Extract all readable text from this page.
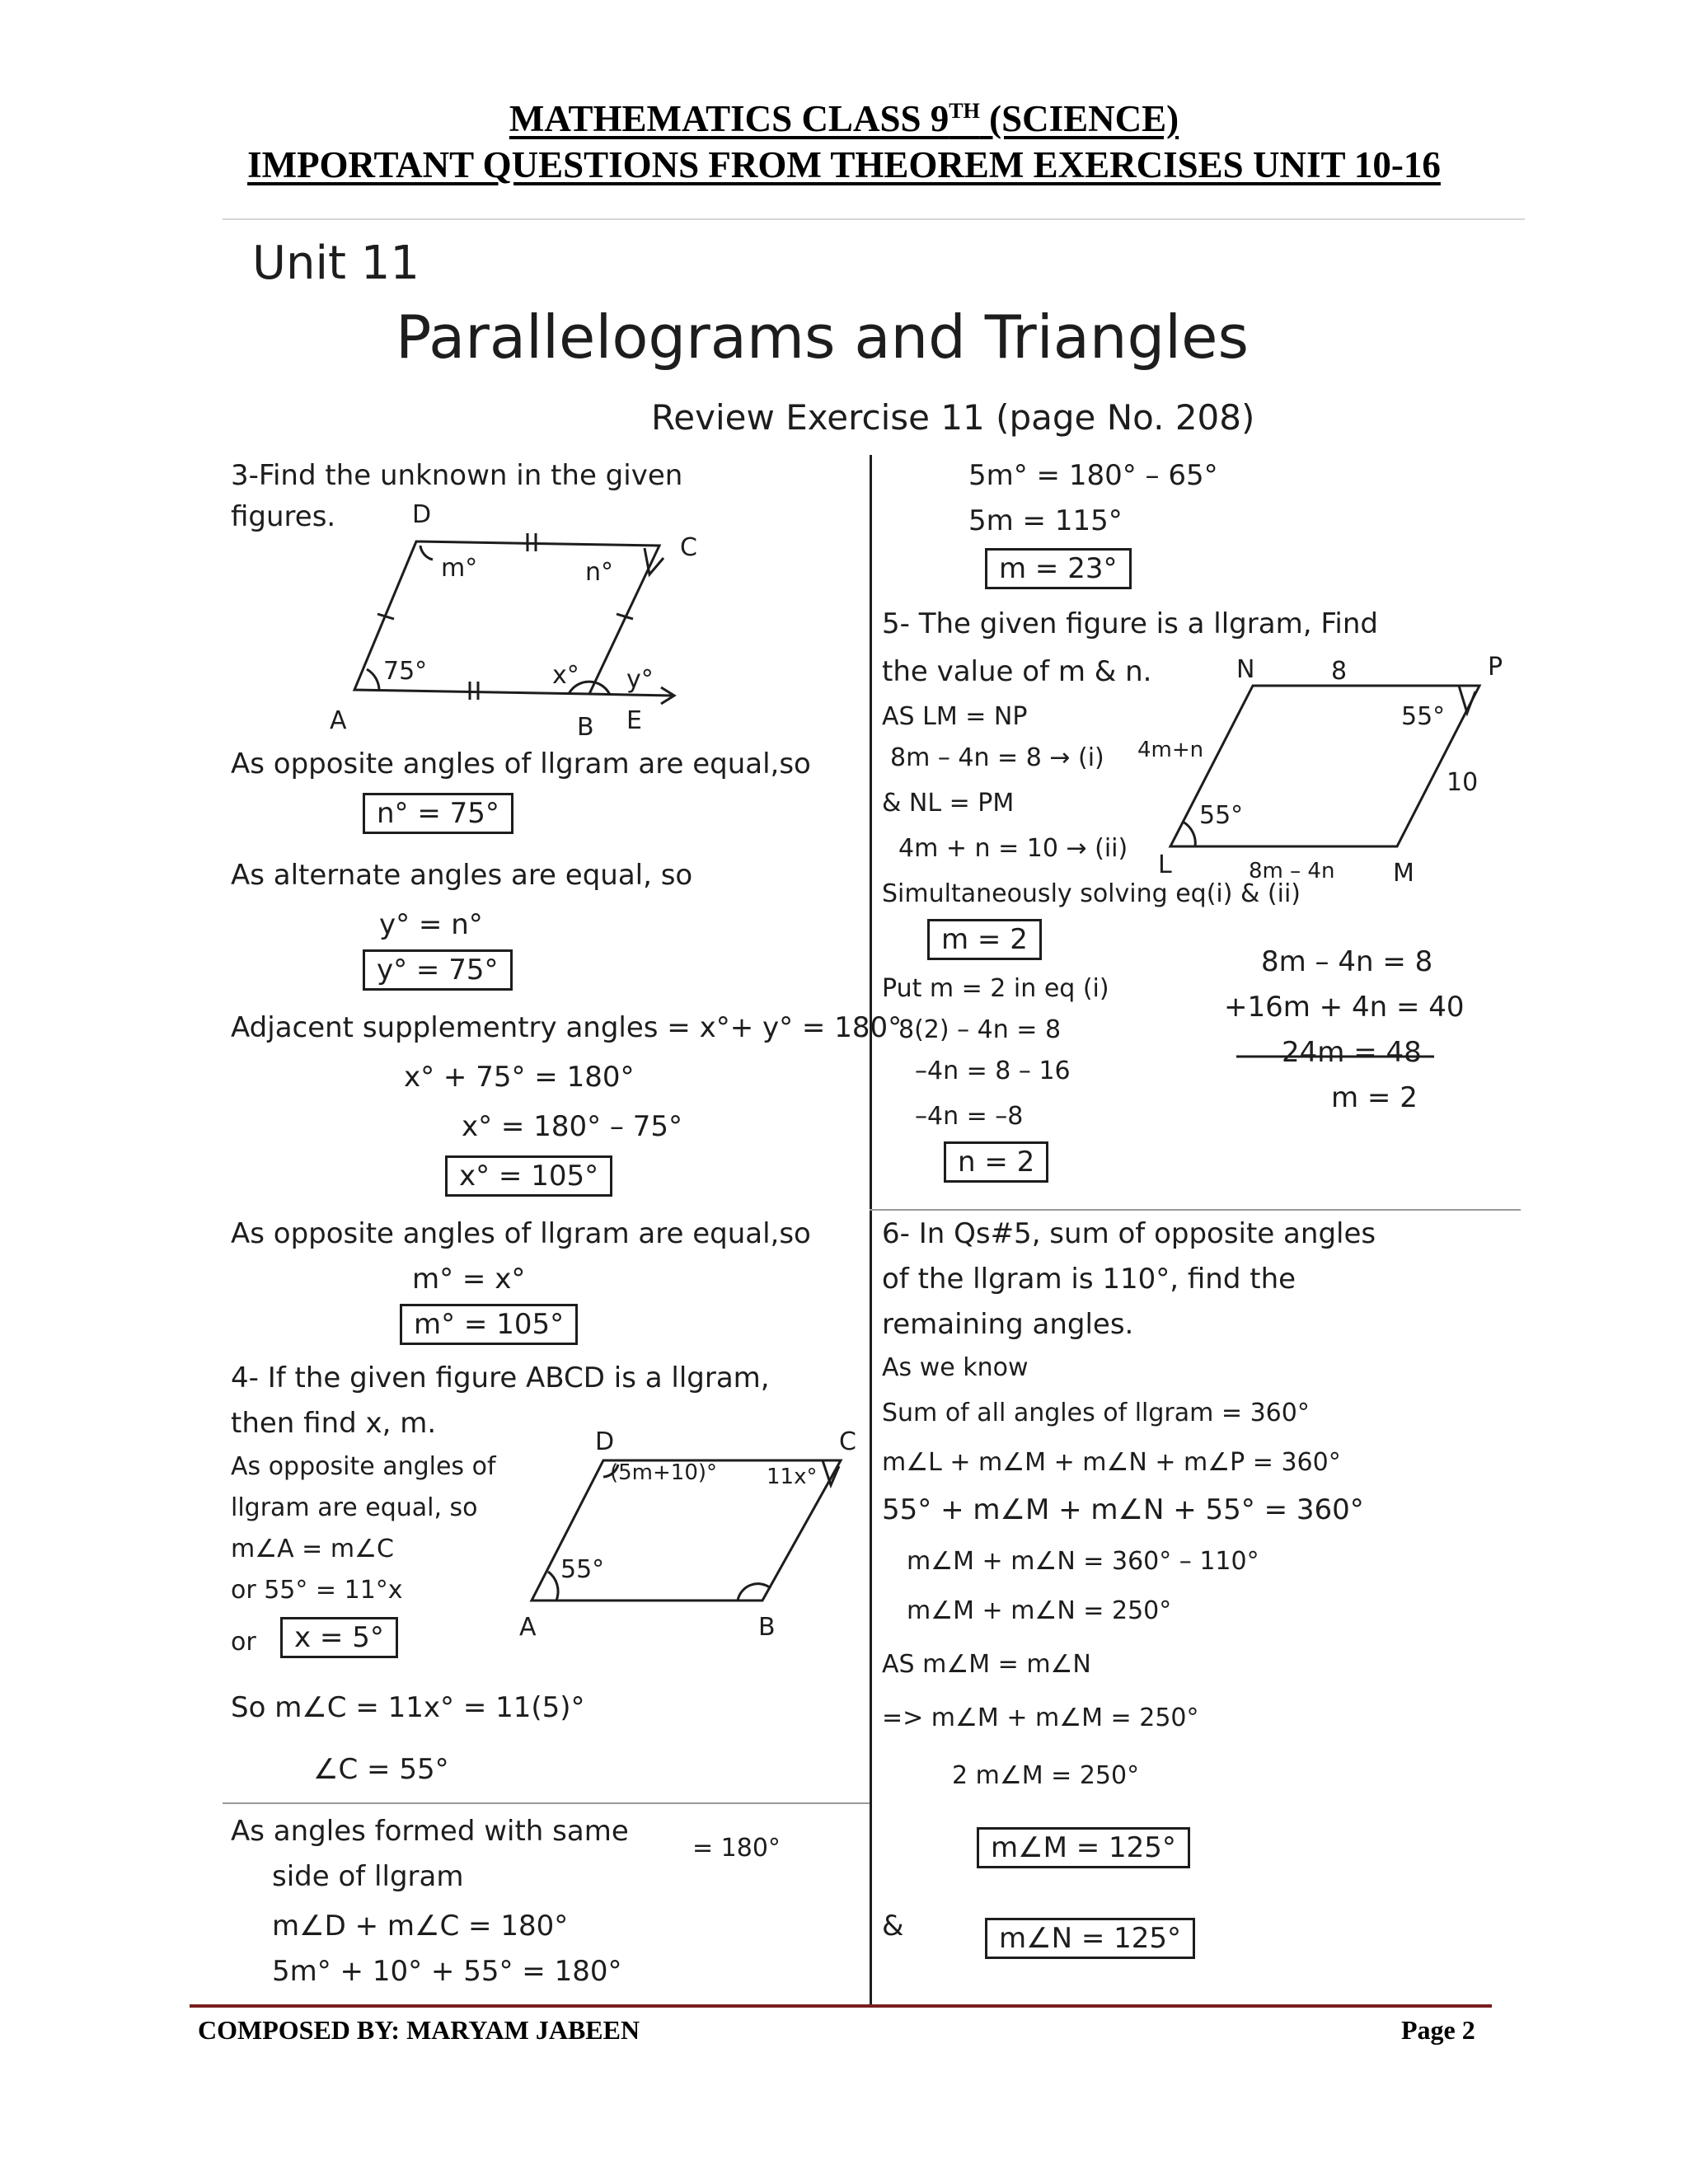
MATHEMATICS CLASS 9TH (SCIENCE)
IMPORTANT QUESTIONS FROM THEOREM EXERCISES UNIT 10-16
Unit 11
Parallelograms and Triangles
Review Exercise 11 (page No. 208)
3-Find the unknown in the given
figures.	D
C
A	B E
m°	n°
75°	x° y°
As opposite angles of llgram are equal,so
n° = 75°
As alternate angles are equal, so
y° = n°
y° = 75°
Adjacent supplementry angles = x°+ y° = 180°
x° + 75° = 180°
x° = 180° – 75°
x° = 105°
As opposite angles of llgram are equal,so
m° = x°
m° = 105°
4- If the given figure ABCD is a llgram,
then find x, m.
As opposite angles of
llgram are equal, so
m∠A = m∠C
or 55° = 11°x
or	x = 5°
So m∠C = 11x° = 11(5)°
∠C = 55°
D	C
A	B
(5m+10)° 11x°
55°
As angles formed with same
= 180°
side of llgram
m∠D + m∠C = 180°
5m° + 10° + 55° = 180°
5m° = 180° – 65°
5m = 115°
m = 23°
5- The given figure is a llgram, Find
the value of m & n.
AS LM = NP
8m – 4n = 8 → (i)
& NL = PM
4m + n = 10 → (ii)
Simultaneously solving eq(i) & (ii)
m = 2
Put m = 2 in eq (i)
8(2) – 4n = 8
–4n = 8 – 16
–4n = –8
n = 2
N	P
L	M
8
10
4m+n
8m – 4n
55°
55°
8m – 4n = 8
+16m + 4n = 40
24m = 48
m = 2
6- In Qs#5, sum of opposite angles
of the llgram is 110°, find the
remaining angles.
As we know
Sum of all angles of llgram = 360°
m∠L + m∠M + m∠N + m∠P = 360°
55° + m∠M + m∠N + 55° = 360°
m∠M + m∠N = 360° – 110°
m∠M + m∠N = 250°
AS m∠M = m∠N
=> m∠M + m∠M = 250°
2 m∠M = 250°
m∠M = 125°
&	m∠N = 125°
COMPOSED BY: MARYAM JABEEN	Page 2
